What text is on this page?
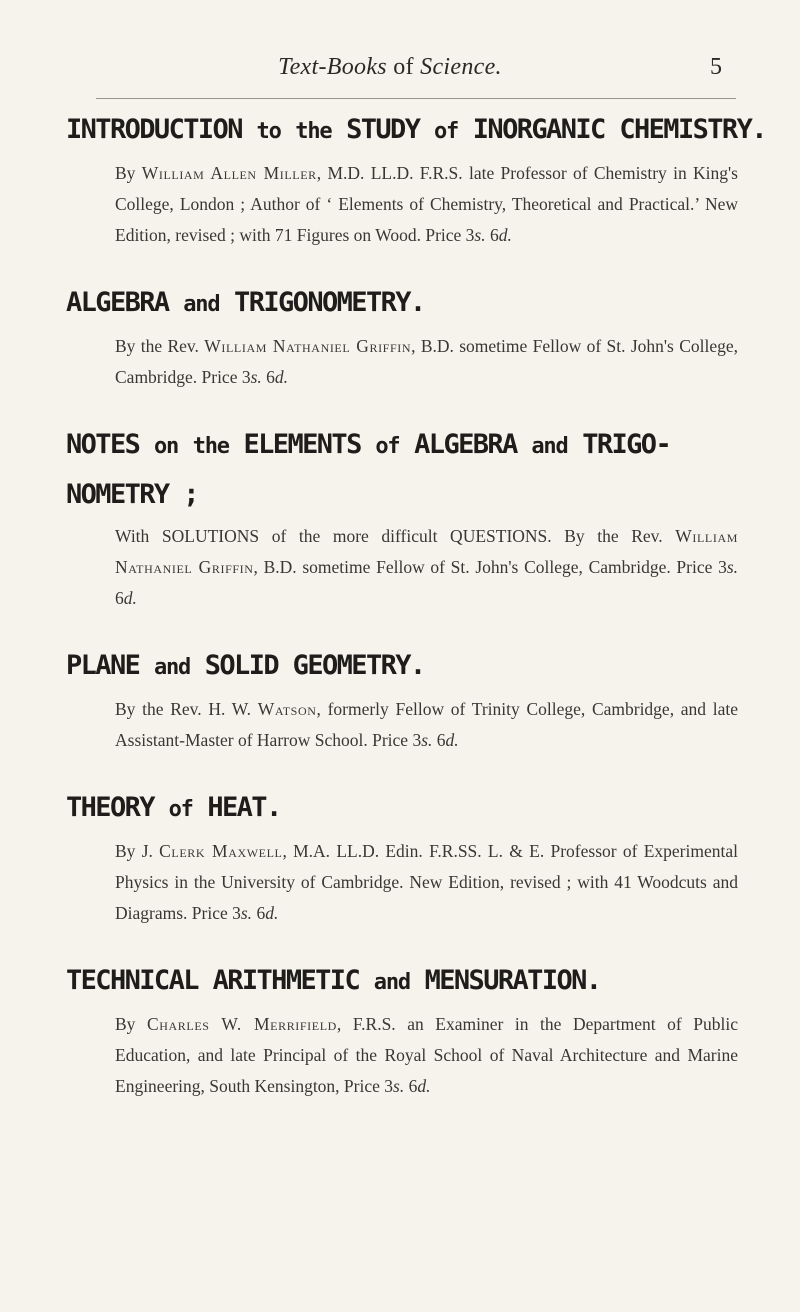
Text-Books of Science.	5
INTRODUCTION to the STUDY of INORGANIC CHEMISTRY.
By William Allen Miller, M.D. LL.D. F.R.S. late Professor of Chemistry in King's College, London ; Author of ‘ Elements of Chemistry, Theoretical and Practical.’ New Edition, revised ; with 71 Figures on Wood. Price 3s. 6d.
ALGEBRA and TRIGONOMETRY.
By the Rev. William Nathaniel Griffin, B.D. sometime Fellow of St. John's College, Cambridge. Price 3s. 6d.
NOTES on the ELEMENTS of ALGEBRA and TRIGO-
NOMETRY ;
With SOLUTIONS of the more difficult QUESTIONS. By the Rev. William Nathaniel Griffin, B.D. sometime Fellow of St. John's College, Cambridge. Price 3s. 6d.
PLANE and SOLID GEOMETRY.
By the Rev. H. W. Watson, formerly Fellow of Trinity College, Cambridge, and late Assistant-Master of Harrow School. Price 3s. 6d.
THEORY of HEAT.
By J. Clerk Maxwell, M.A. LL.D. Edin. F.R.SS. L. & E. Professor of Experimental Physics in the University of Cambridge. New Edition, revised ; with 41 Woodcuts and Diagrams. Price 3s. 6d.
TECHNICAL ARITHMETIC and MENSURATION.
By Charles W. Merrifield, F.R.S. an Examiner in the Department of Public Education, and late Principal of the Royal School of Naval Architecture and Marine Engineering, South Kensington, Price 3s. 6d.
